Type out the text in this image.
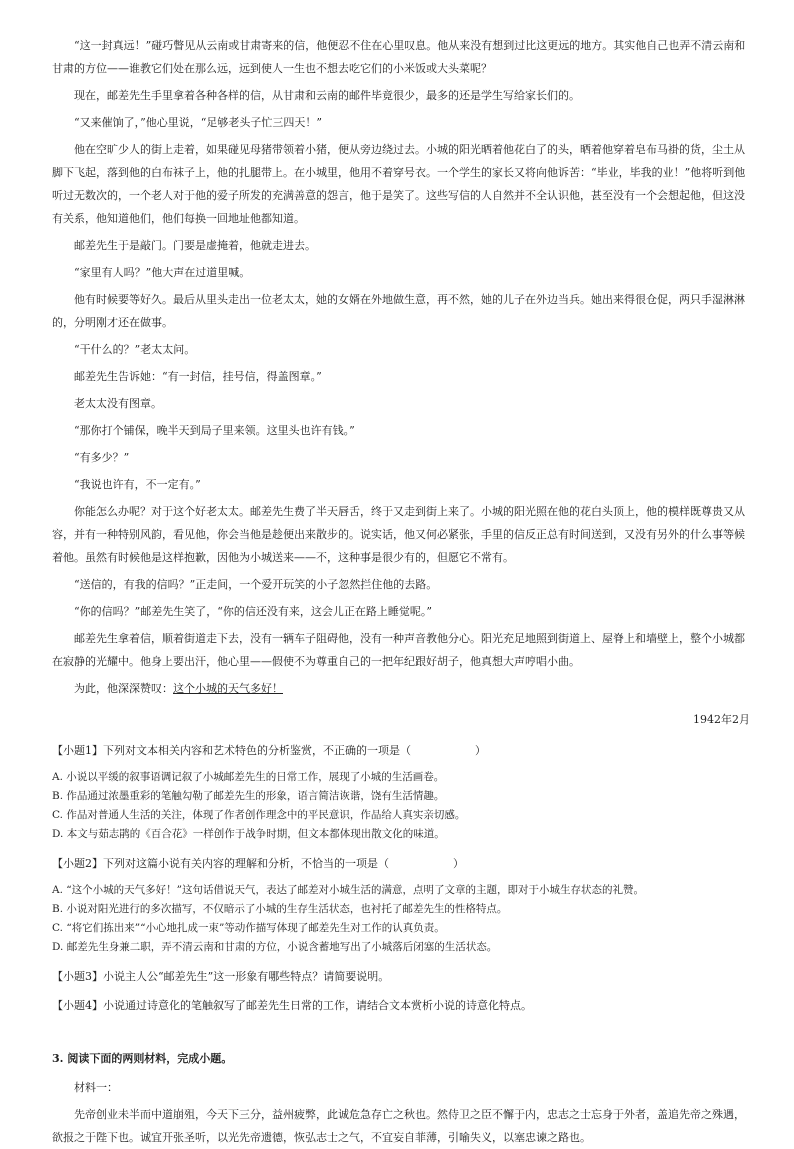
“这一封真远！”碰巧瞥见从云南或甘肃寄来的信，他便忍不住在心里叹息。他从来没有想到过比这更远的地方。其实他自己也弄不清云南和甘肃的方位——谁教它们处在那么远，远到使人一生也不想去吃它们的小米饭或大头菜呢？

现在，邮差先生手里拿着各种各样的信，从甘肃和云南的邮件毕竟很少，最多的还是学生写给家长们的。

“又来催饷了，”他心里说，“足够老头子忙三四天！”

他在空旷少人的街上走着，如果碰见母猪带领着小猪，便从旁边绕过去。小城的阳光晒着他花白了的头，晒着他穿着皂布马褂的货，尘土从脚下飞起，落到他的白布袜子上，他的扎腿带上。在小城里，他用不着穿号衣。一个学生的家长又将向他诉苦：“毕业，毕我的业！”他将听到他听过无数次的，一个老人对于他的爱子所发的充满善意的怨言，他于是笑了。这些写信的人自然并不全认识他，甚至没有一个会想起他，但这没有关系，他知道他们，他们每换一回地址他都知道。

邮差先生于是敲门。门要是虚掩着，他就走进去。

“家里有人吗？”他大声在过道里喊。

他有时候要等好久。最后从里头走出一位老太太，她的女婿在外地做生意，再不然，她的儿子在外边当兵。她出来得很仓促，两只手湿淋淋的，分明刚才还在做事。

“干什么的？”老太太问。

邮差先生告诉她：“有一封信，挂号信，得盖图章。”

老太太没有图章。

“那你打个铺保，晚半天到局子里来领。这里头也许有钱。”

“有多少？”

“我说也许有，不一定有。”

你能怎么办呢？对于这个好老太太。邮差先生费了半天唇舌，终于又走到街上来了。小城的阳光照在他的花白头顶上，他的模样既尊贵又从容，并有一种特别风韵，看见他，你会当他是趁便出来散步的。说实话，他又何必紧张，手里的信反正总有时间送到，又没有另外的什么事等候着他。虽然有时候他是这样抱歉，因他为小城送来——不，这种事是很少有的，但愿它不常有。

“送信的，有我的信吗？”正走间，一个爱开玩笑的小子忽然拦住他的去路。

“你的信吗？”邮差先生笑了，“你的信还没有来，这会儿正在路上睡觉呢。”

邮差先生拿着信，顺着街道走下去，没有一辆车子阻碍他，没有一种声音教他分心。阳光充足地照到街道上、屋脊上和墙壁上，整个小城都在寂静的光耀中。他身上要出汗，他心里——假使不为尊重自己的一把年纪跟好胡子，他真想大声哼唱小曲。

为此，他深深赞叹：这个小城的天气多好！

1942年2月

【小题1】下列对文本相关内容和艺术特色的分析鉴赏，不正确的一项是（	）

A. 小说以平缓的叙事语调记叙了小城邮差先生的日常工作，展现了小城的生活画卷。

B. 作品通过浓墨重彩的笔触勾勒了邮差先生的形象，语言简洁诙谐，饶有生活情趣。

C. 作品对普通人生活的关注，体现了作者创作理念中的平民意识，作品给人真实亲切感。

D. 本文与茹志鹃的《百合花》一样创作于战争时期，但文本都体现出散文化的味道。

【小题2】下列对这篇小说有关内容的理解和分析，不恰当的一项是（	）

A. “这个小城的天气多好！”这句话借说天气，表达了邮差对小城生活的满意，点明了文章的主题，即对于小城生存状态的礼赞。

B. 小说对阳光进行的多次描写，不仅暗示了小城的生存生活状态，也衬托了邮差先生的性格特点。

C. “将它们拣出来”“小心地扎成一束”等动作描写体现了邮差先生对工作的认真负责。

D. 邮差先生身兼二职，弄不清云南和甘肃的方位，小说含蓄地写出了小城落后闭塞的生活状态。

【小题3】小说主人公“邮差先生”这一形象有哪些特点？请简要说明。

【小题4】小说通过诗意化的笔触叙写了邮差先生日常的工作，请结合文本赏析小说的诗意化特点。

3. 阅读下面的两则材料，完成小题。

材料一：

先帝创业未半而中道崩殂，今天下三分，益州疲弊，此诚危急存亡之秋也。然侍卫之臣不懈于内，忠志之士忘身于外者，盖追先帝之殊遇，欲报之于陛下也。诚宜开张圣听，以光先帝遗德，恢弘志士之气，不宜妄自菲薄，引喻失义，以塞忠谏之路也。
